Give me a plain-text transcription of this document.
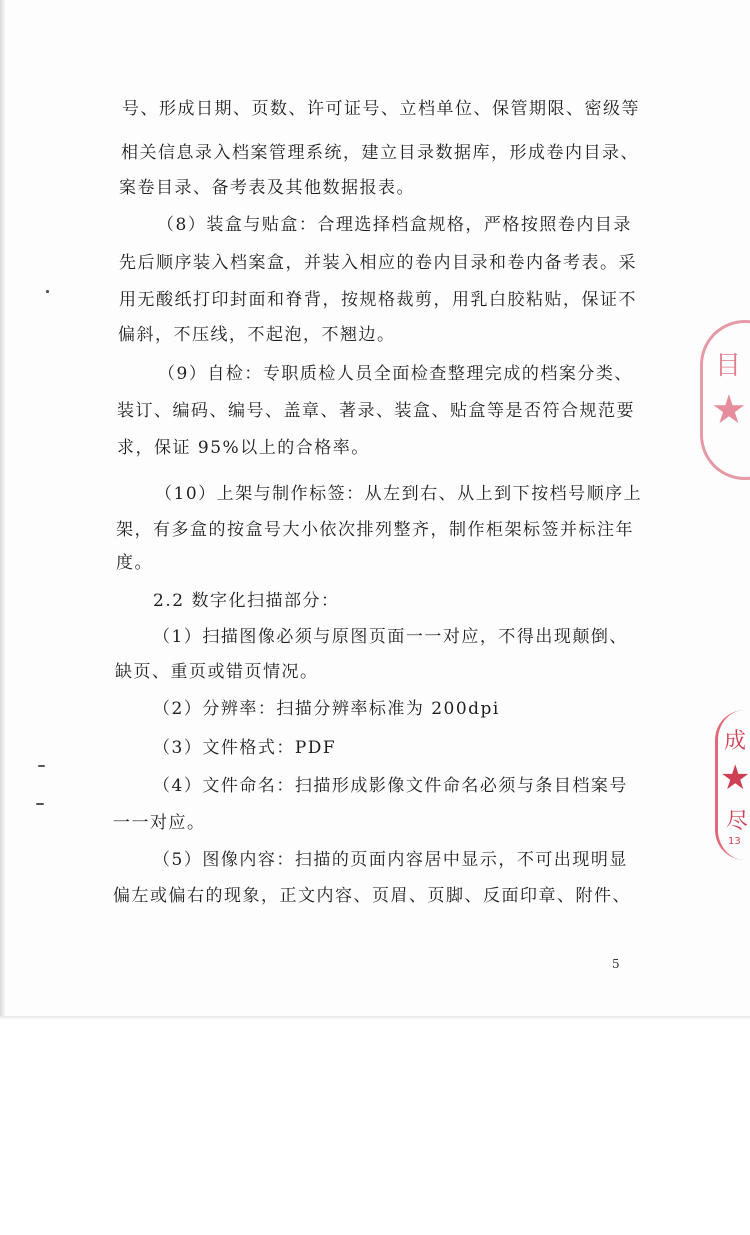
号、形成日期、页数、许可证号、立档单位、保管期限、密级等
相关信息录入档案管理系统，建立目录数据库，形成卷内目录、
案卷目录、备考表及其他数据报表。
（8）装盒与贴盒：合理选择档盒规格，严格按照卷内目录
先后顺序装入档案盒，并装入相应的卷内目录和卷内备考表。采
用无酸纸打印封面和脊背，按规格裁剪，用乳白胶粘贴，保证不
偏斜，不压线，不起泡，不翘边。
（9）自检：专职质检人员全面检查整理完成的档案分类、
装订、编码、编号、盖章、著录、装盒、贴盒等是否符合规范要
求，保证 95%以上的合格率。
（10）上架与制作标签：从左到右、从上到下按档号顺序上
架，有多盒的按盒号大小依次排列整齐，制作柜架标签并标注年
度。
2.2 数字化扫描部分：
（1）扫描图像必须与原图页面一一对应，不得出现颠倒、
缺页、重页或错页情况。
（2）分辨率：扫描分辨率标准为 200dpi
（3）文件格式：PDF
（4）文件命名：扫描形成影像文件命名必须与条目档案号
一一对应。
（5）图像内容：扫描的页面内容居中显示，不可出现明显
偏左或偏右的现象，正文内容、页眉、页脚、反面印章、附件、
5
目
★
成
★
尽
13
